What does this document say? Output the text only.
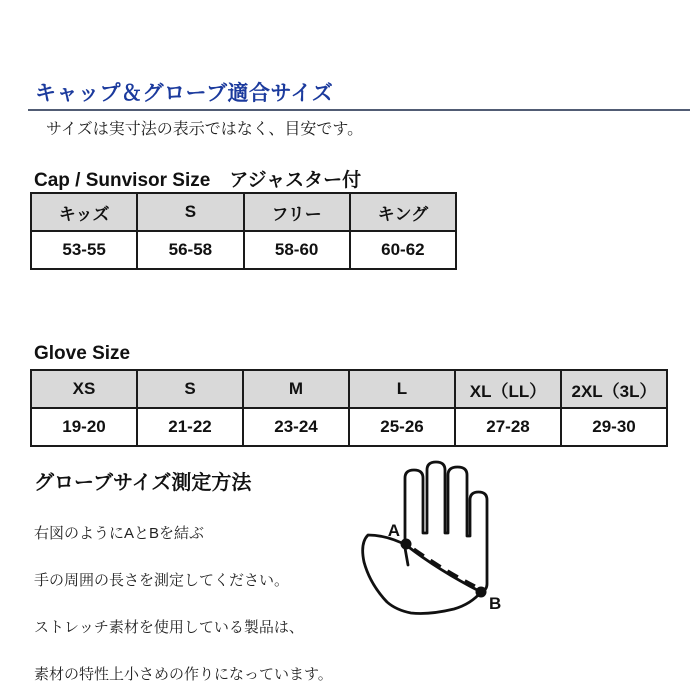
キャップ＆グローブ適合サイズ
サイズは実寸法の表示ではなく、目安です。
Cap / Sunvisor Size　アジャスター付
キッズ	S	フリー	キング
53-55	56-58	58-60	60-62
Glove Size
XS	S	M	L	XL（LL）	2XL（3L）
19-20	21-22	23-24	25-26	27-28	29-30
グローブサイズ測定方法

右図のようにAとBを結ぶ

手の周囲の長さを測定してください。

ストレッチ素材を使用している製品は、

素材の特性上小さめの作りになっています。

A
B
